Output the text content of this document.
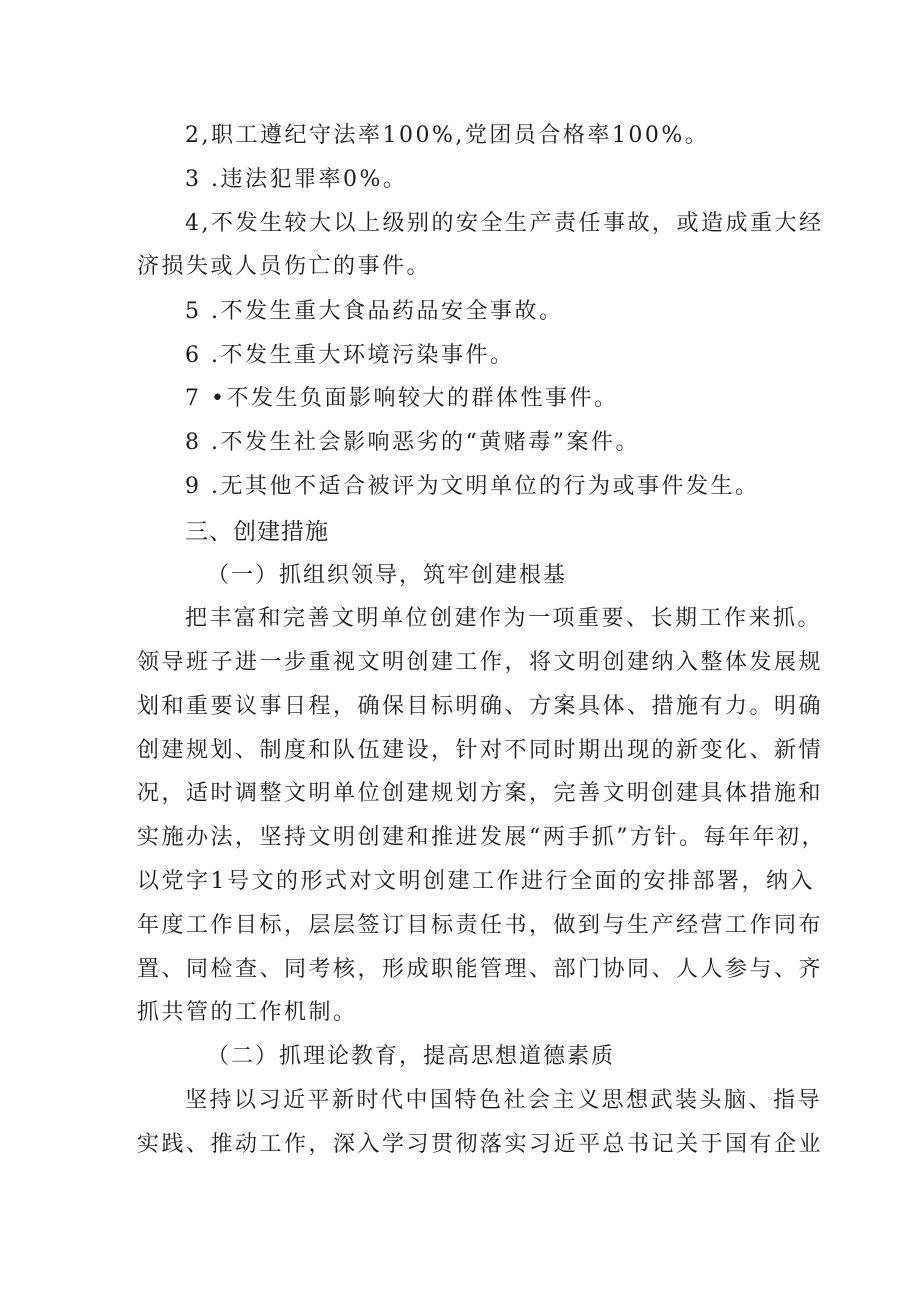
2,职工遵纪守法率100%,党团员合格率100%。
3 .违法犯罪率0%。
4,不发生较大以上级别的安全生产责任事故，或造成重大经
济损失或人员伤亡的事件。
5 .不发生重大食品药品安全事故。
6 .不发生重大环境污染事件。
7 •不发生负面影响较大的群体性事件。
8 .不发生社会影响恶劣的“黄赌毒”案件。
9 .无其他不适合被评为文明单位的行为或事件发生。
三、创建措施
（一）抓组织领导，筑牢创建根基
把丰富和完善文明单位创建作为一项重要、长期工作来抓。
领导班子进一步重视文明创建工作，将文明创建纳入整体发展规
划和重要议事日程，确保目标明确、方案具体、措施有力。明确
创建规划、制度和队伍建设，针对不同时期出现的新变化、新情
况，适时调整文明单位创建规划方案，完善文明创建具体措施和
实施办法，坚持文明创建和推进发展“两手抓”方针。每年年初，
以党字1号文的形式对文明创建工作进行全面的安排部署，纳入
年度工作目标，层层签订目标责任书，做到与生产经营工作同布
置、同检查、同考核，形成职能管理、部门协同、人人参与、齐
抓共管的工作机制。
（二）抓理论教育，提高思想道德素质
坚持以习近平新时代中国特色社会主义思想武装头脑、指导
实践、推动工作，深入学习贯彻落实习近平总书记关于国有企业
